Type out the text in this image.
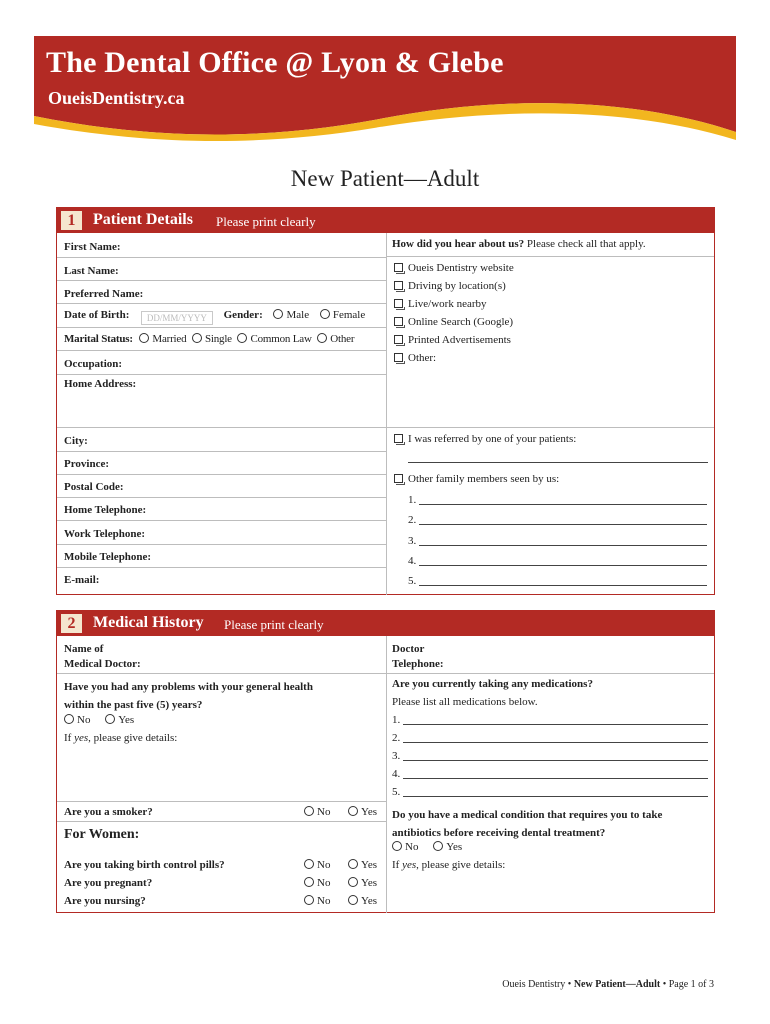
The Dental Office @ Lyon & Glebe
OueisDentistry.ca
New Patient—Adult
1	Patient Details Please print clearly
First Name:
Last Name:
Preferred Name:
Date of Birth: DD/MM/YYYY Gender: Male Female
Marital Status: Married Single Common Law Other
Occupation:
Home Address:
City:
Province:
Postal Code:
Home Telephone:
Work Telephone:
Mobile Telephone:
E-mail:
How did you hear about us? Please check all that apply.
Oueis Dentistry website
Driving by location(s)
Live/work nearby
Online Search (Google)
Printed Advertisements
Other:
I was referred by one of your patients:
Other family members seen by us:
1.
2.
3.
4.
5.
2	Medical History Please print clearly
Name of
Medical Doctor:
Doctor
Telephone:
Have you had any problems with your general health
within the past five (5) years?
No	Yes
If yes, please give details:
Are you currently taking any medications?
Please list all medications below.
1.
2.
3.
4.
5.
Are you a smoker?	No	Yes
For Women:
Are you taking birth control pills?	No	Yes
Are you pregnant?	No	Yes
Are you nursing?	No	Yes
Do you have a medical condition that requires you to take
antibiotics before receiving dental treatment?
No	Yes
If yes, please give details:
Oueis Dentistry • New Patient—Adult • Page 1 of 3
